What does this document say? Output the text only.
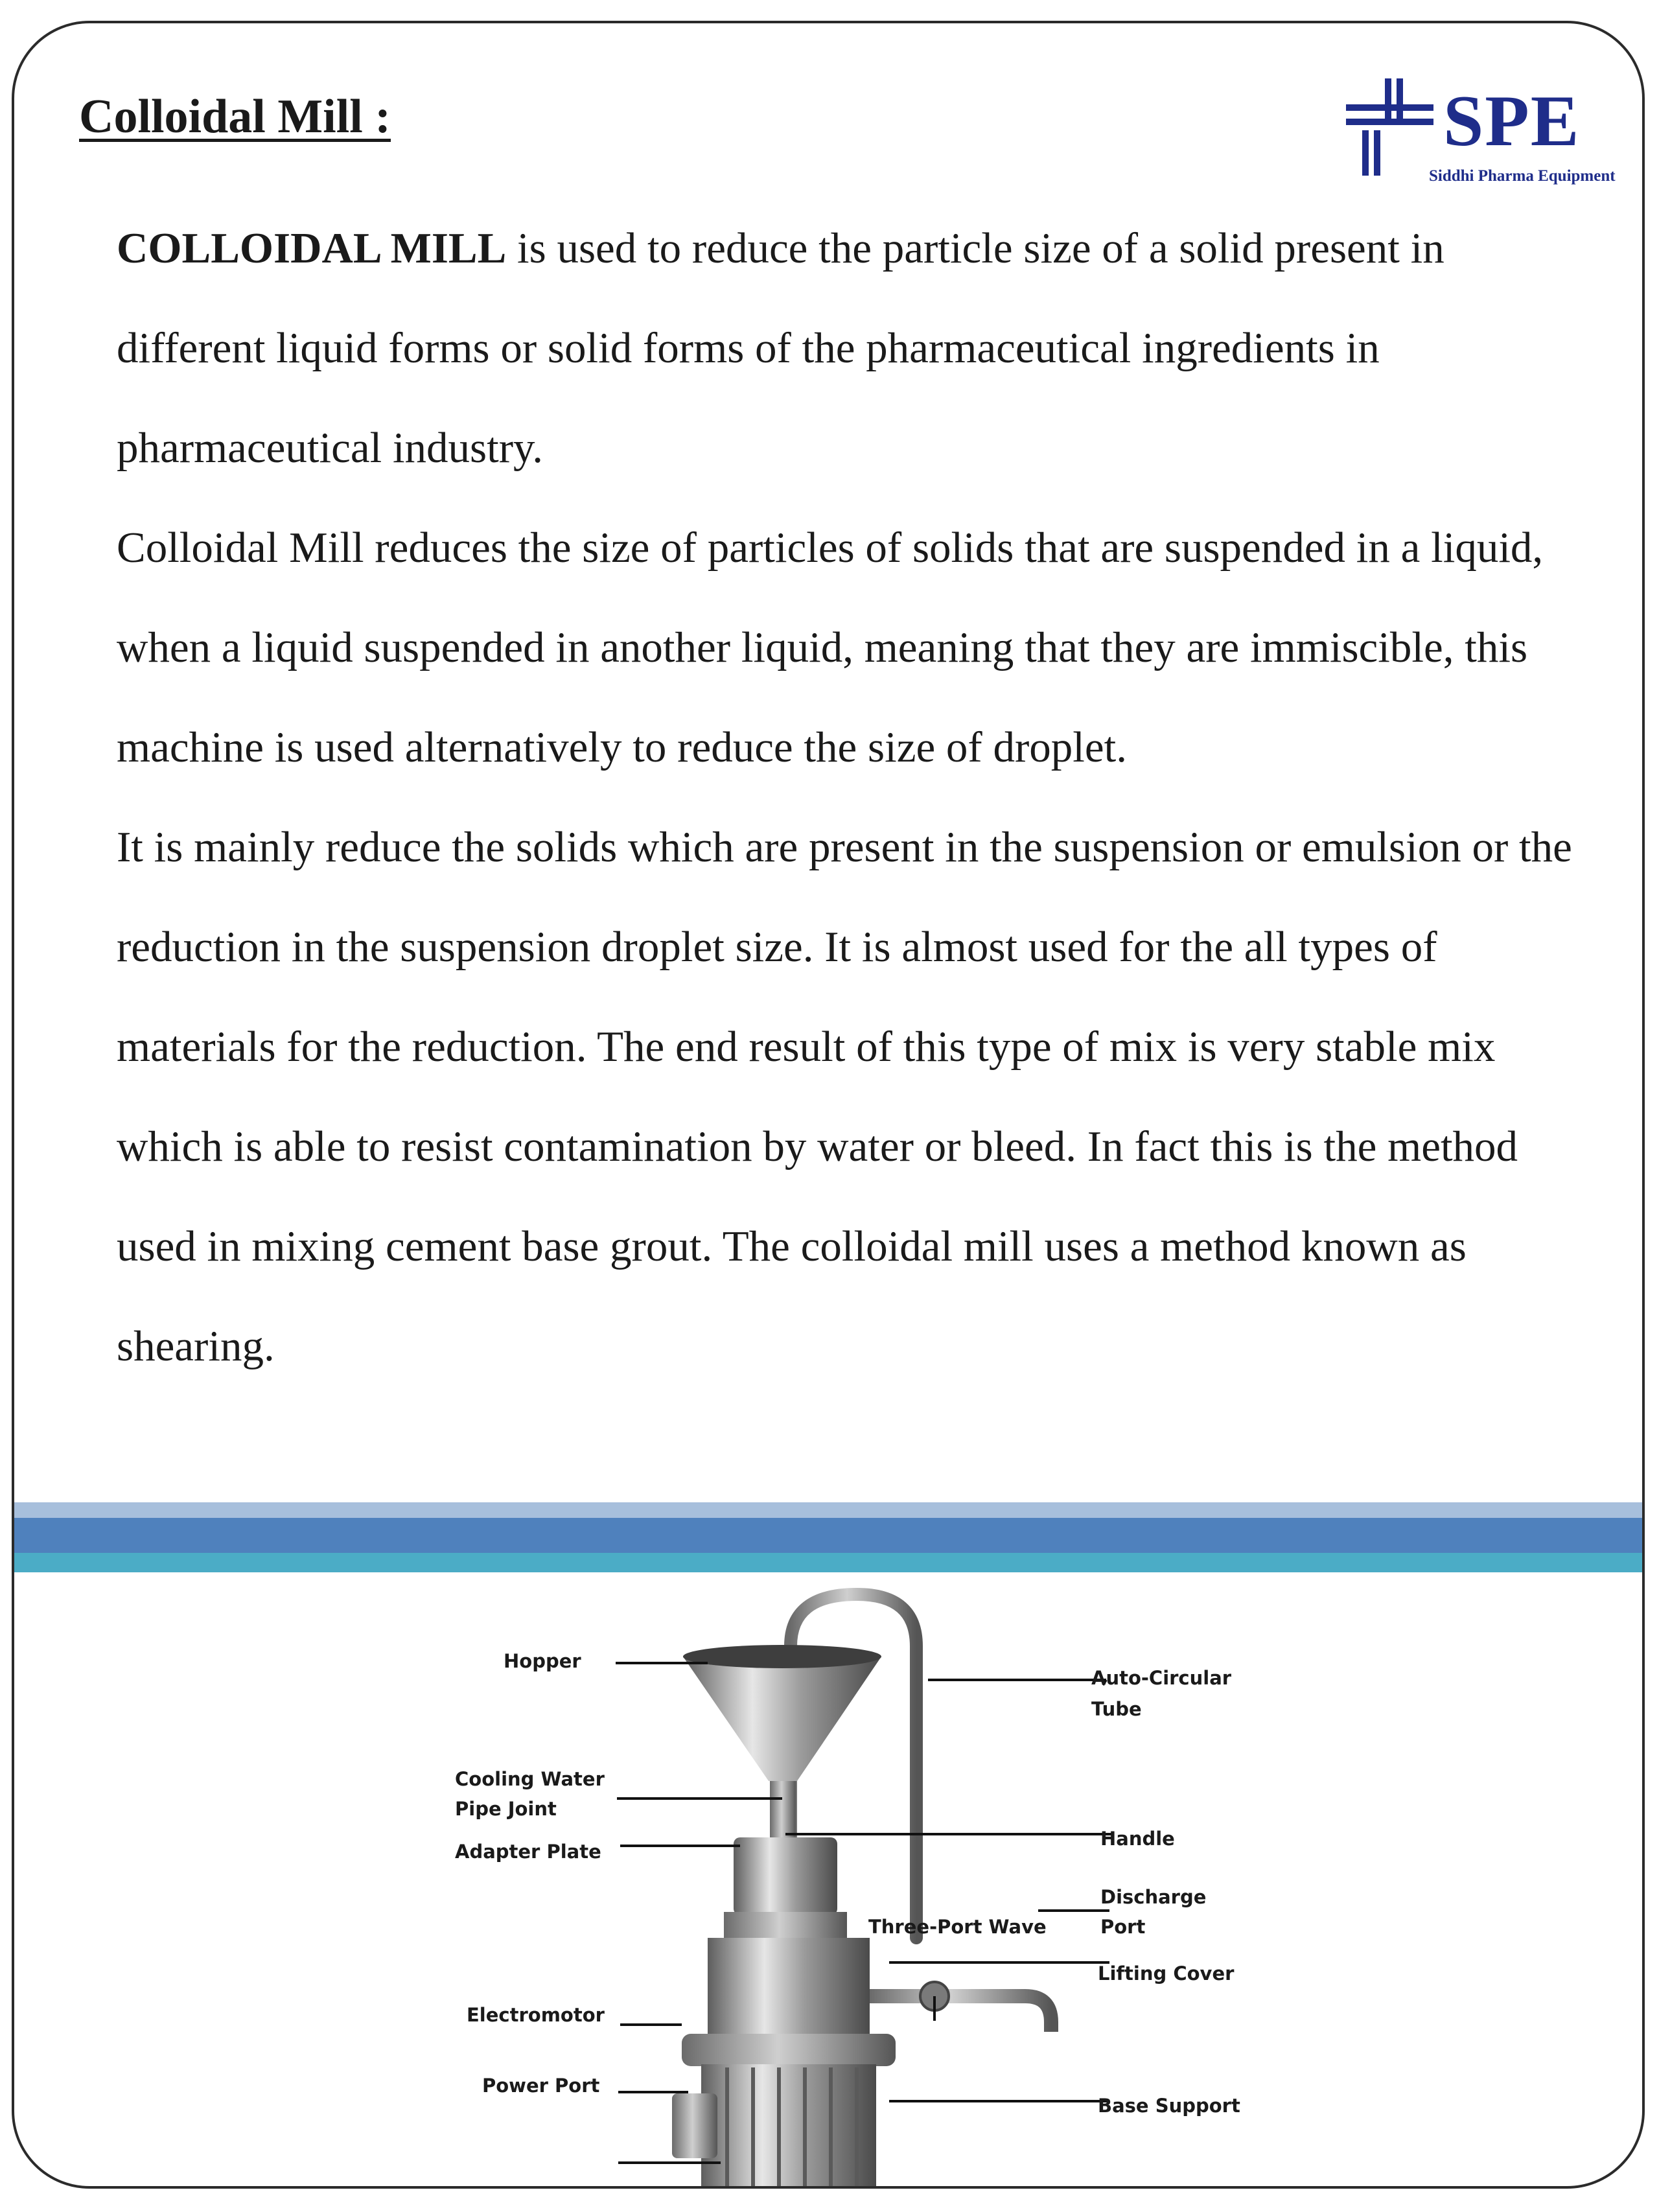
Colloidal Mill :	SPE
Siddhi Pharma Equipment

COLLOIDAL MILL is used to reduce the particle size of a solid present in different liquid forms or solid forms of the pharmaceutical ingredients in pharmaceutical industry.

Colloidal Mill reduces the size of particles of solids that are suspended in a liquid, when a liquid suspended in another liquid, meaning that they are immiscible, this machine is used alternatively to reduce the size of droplet.

It is mainly reduce the solids which are present in the suspension or emulsion or the reduction in the suspension droplet size. It is almost used for the all types of materials for the reduction. The end result of this type of mix is very stable mix which is able to resist contamination by water or bleed. In fact this is the method used in mixing cement base grout. The colloidal mill uses a method known as shearing.

Hopper
Cooling Water
Pipe Joint
Adapter Plate
Electromotor
Power Port
Auto-Circular
Tube
Handle
Discharge
Port
Three-Port Wave
Lifting Cover
Base Support
